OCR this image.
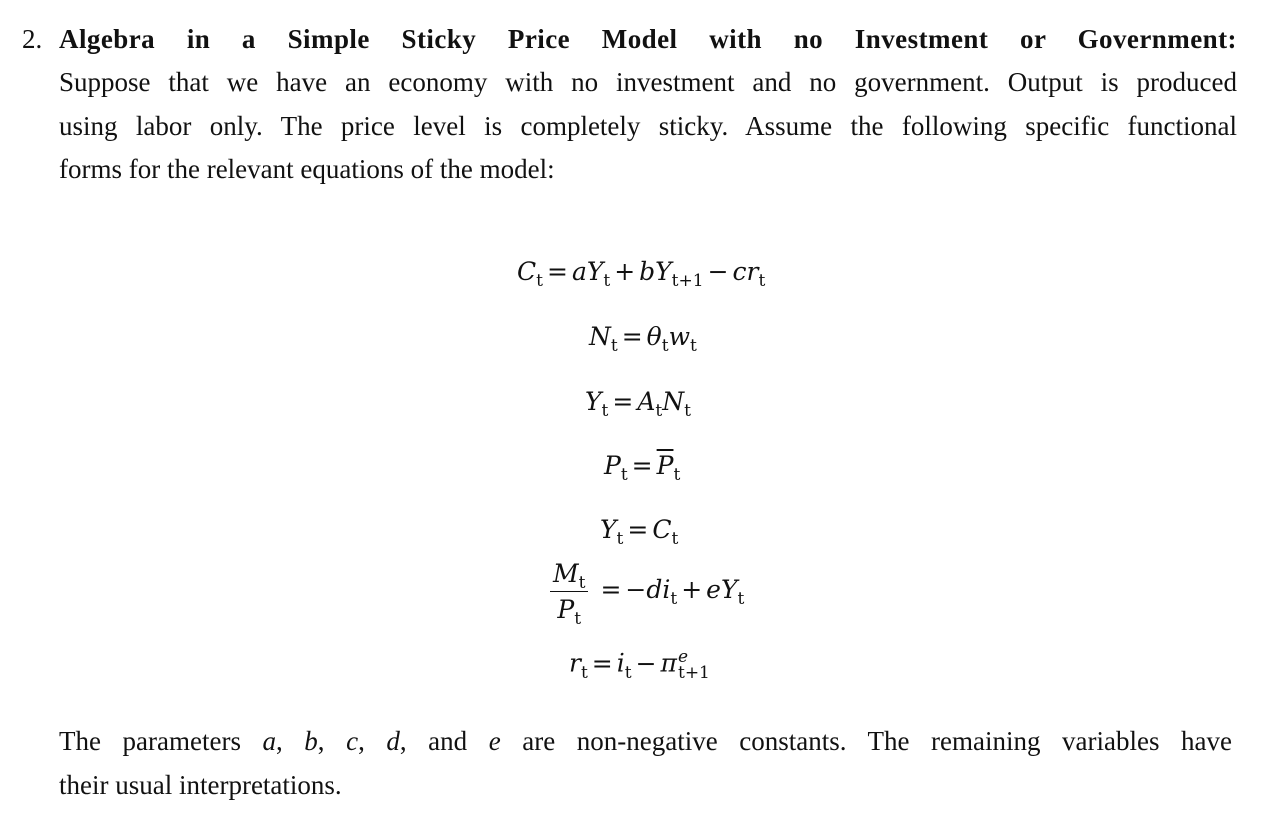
2. Algebra in a Simple Sticky Price Model with no Investment or Government:
Suppose that we have an economy with no investment and no government. Output is produced
using labor only. The price level is completely sticky. Assume the following specific functional
forms for the relevant equations of the model:
$C_t = aY_t + bY_{t+1} - cr_t$
$N_t = \theta_tw_t$
$Y_t = A_tN_t$
$P_t = \overline{P}_t$
$Y_t = C_t$
$\frac{M_t}{P_t} = -di_t + eY_t$
$r_t = i_t - \pi$ e
t+1
The parameters a, b, c, d, and e are non-negative constants. The remaining variables have
their usual interpretations.
